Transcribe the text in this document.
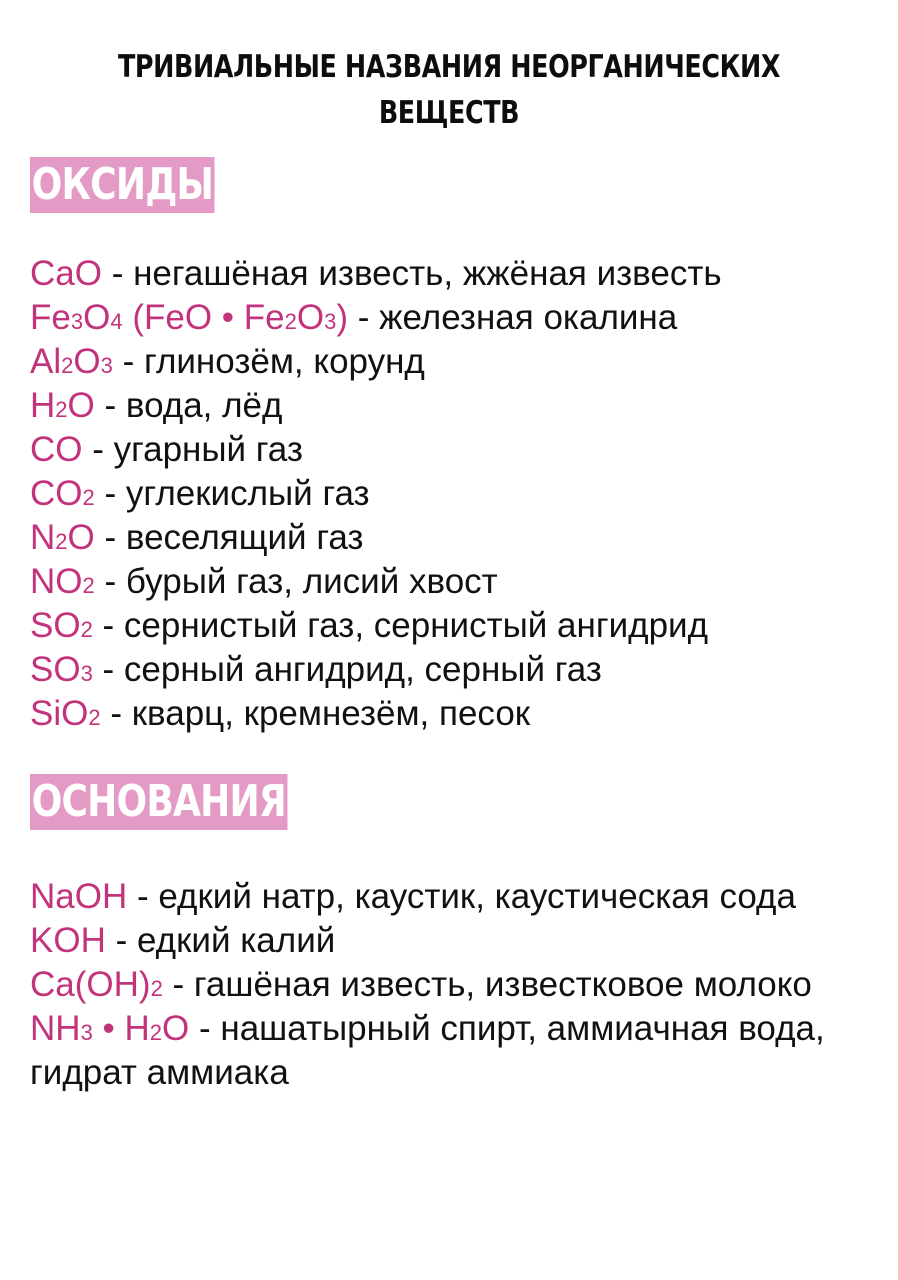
ТРИВИАЛЬНЫЕ НАЗВАНИЯ НЕОРГАНИЧЕСКИХ
ВЕЩЕСТВ
ОКСИДЫ
CaO - негашёная известь, жжёная известь
Fe3O4 (FeO • Fe2O3) - железная окалина
Al2O3 - глинозём, корунд
H2O - вода, лёд
CO - угарный газ
CO2 - углекислый газ
N2O - веселящий газ
NO2 - бурый газ, лисий хвост
SO2 - сернистый газ, сернистый ангидрид
SO3 - серный ангидрид, серный газ
SiO2 - кварц, кремнезём, песок
ОСНОВАНИЯ
NaOH - едкий натр, каустик, каустическая сода
KOH - едкий калий
Ca(OH)2 - гашёная известь, известковое молоко
NH3 • H2O - нашатырный спирт, аммиачная вода, гидрат аммиака
